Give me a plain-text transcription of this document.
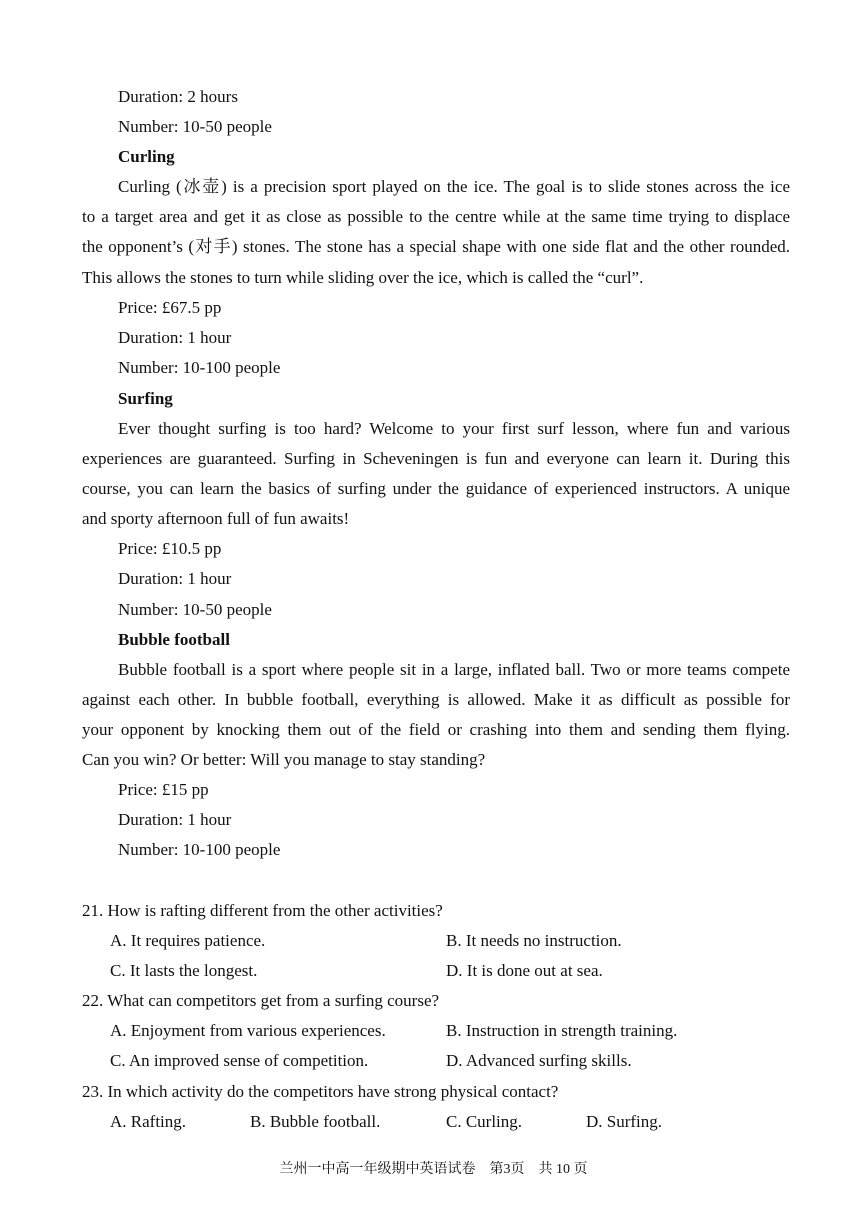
Duration: 2 hours
Number: 10-50 people
Curling
Curling (冰壶) is a precision sport played on the ice. The goal is to slide stones across the ice
to a target area and get it as close as possible to the centre while at the same time trying to displace
the opponent’s (对手) stones. The stone has a special shape with one side flat and the other rounded.
This allows the stones to turn while sliding over the ice, which is called the “curl”.
Price: £67.5 pp
Duration: 1 hour
Number: 10-100 people
Surfing
Ever thought surfing is too hard? Welcome to your first surf lesson, where fun and various
experiences are guaranteed. Surfing in Scheveningen is fun and everyone can learn it. During this
course, you can learn the basics of surfing under the guidance of experienced instructors. A unique
and sporty afternoon full of fun awaits!
Price: £10.5 pp
Duration: 1 hour
Number: 10-50 people
Bubble football
Bubble football is a sport where people sit in a large, inflated ball. Two or more teams compete
against each other. In bubble football, everything is allowed. Make it as difficult as possible for
your opponent by knocking them out of the field or crashing into them and sending them flying.
Can you win? Or better: Will you manage to stay standing?
Price: £15 pp
Duration: 1 hour
Number: 10-100 people
21. How is rafting different from the other activities?
A. It requires patience.	B. It needs no instruction.
C. It lasts the longest.	D. It is done out at sea.
22. What can competitors get from a surfing course?
A. Enjoyment from various experiences.	B. Instruction in strength training.
C. An improved sense of competition.	D. Advanced surfing skills.
23. In which activity do the competitors have strong physical contact?
A. Rafting.	B. Bubble football.	C. Curling.	D. Surfing.
兰州一中高一年级期中英语试卷　第3页　共 10 页
